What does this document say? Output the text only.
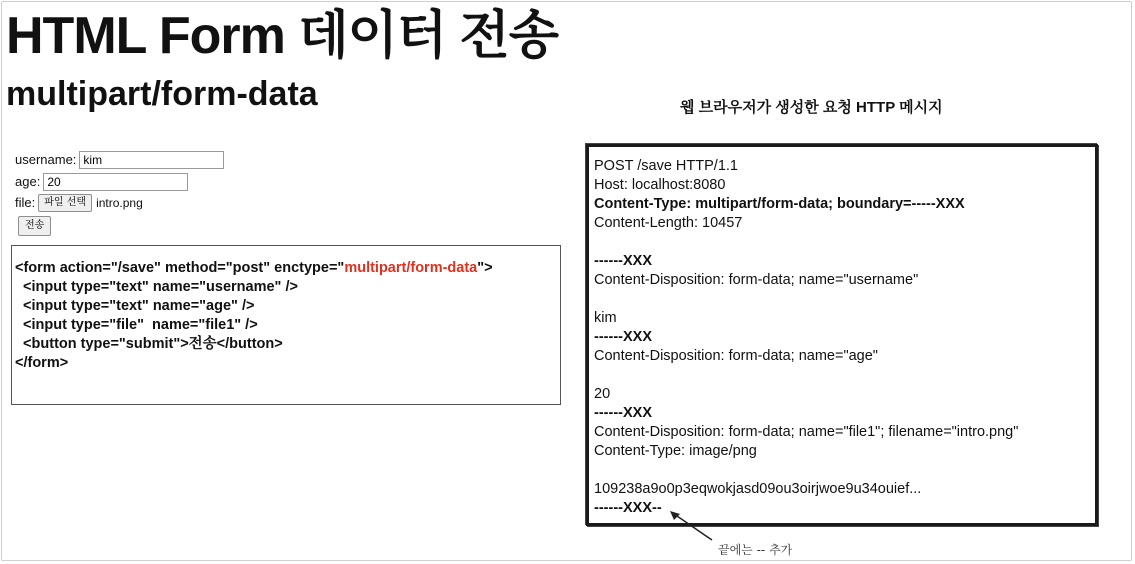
HTML Form 데이터 전송
multipart/form-data	웹 브라우저가 생성한 요청 HTTP 메시지
username:
kim
age:
20
file: 파일 선택 intro.png
전송
<form action="/save" method="post" enctype="multipart/form-data">
<input type="text" name="username" />
<input type="text" name="age" />
<input type="file"  name="file1" />
<button type="submit">전송</button>
</form>
POST /save HTTP/1.1
Host: localhost:8080
Content-Type: multipart/form-data; boundary=-----XXX
Content-Length: 10457
------XXX
Content-Disposition: form-data; name="username"
kim
------XXX
Content-Disposition: form-data; name="age"
20
------XXX
Content-Disposition: form-data; name="file1"; filename="intro.png"
Content-Type: image/png
109238a9o0p3eqwokjasd09ou3oirjwoe9u34ouief...
------XXX--
끝에는 -- 추가
